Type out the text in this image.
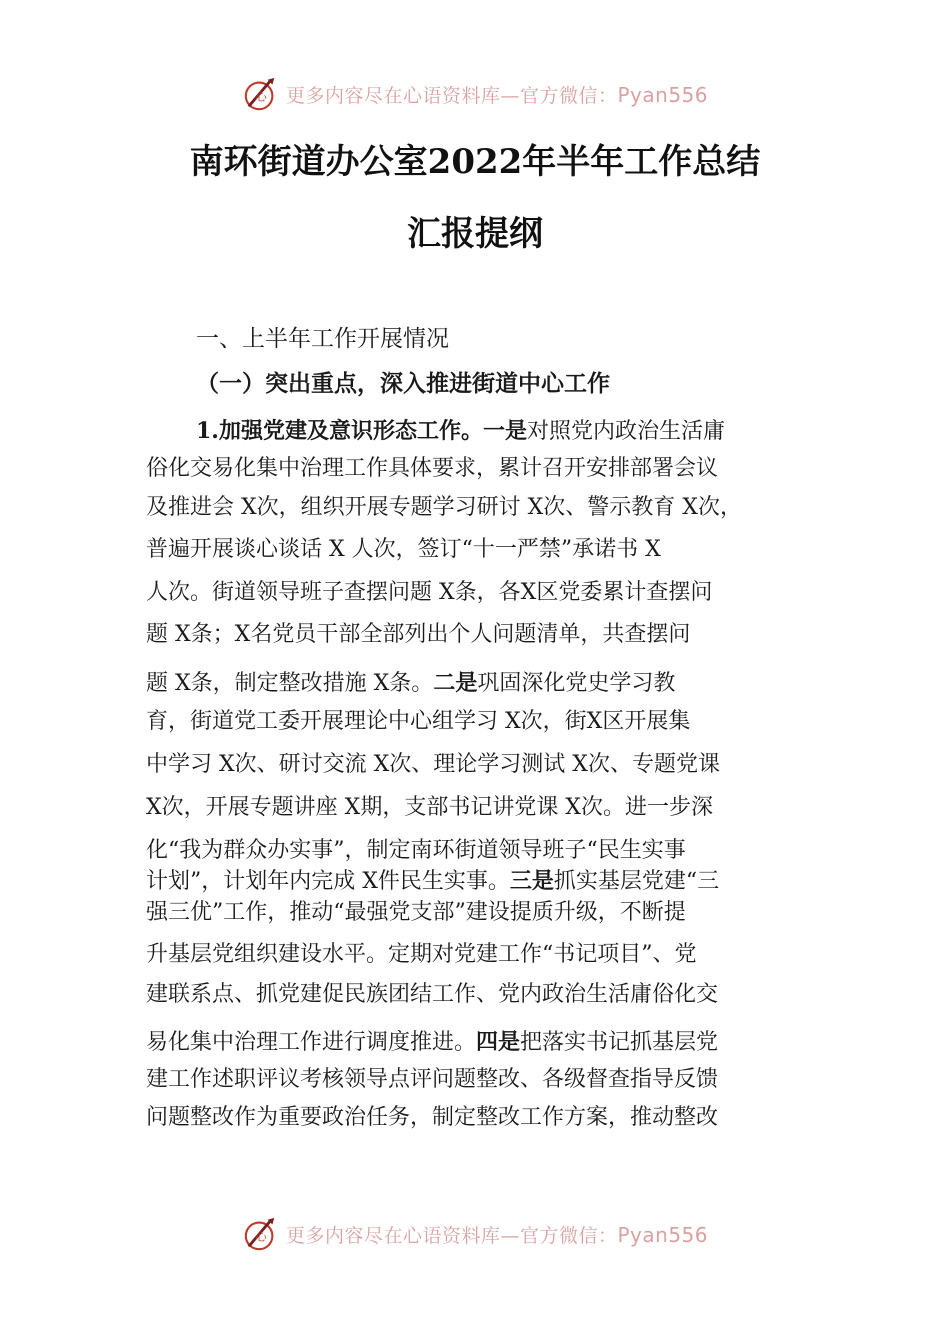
心 更多内容尽在心语资料库—官方微信：Pyan556
南环街道办公室2022年半年工作总结
汇报提纲
一、上半年工作开展情况
（一）突出重点，深入推进街道中心工作
1.加强党建及意识形态工作。一是对照党内政治生活庸
俗化交易化集中治理工作具体要求，累计召开安排部署会议
及推进会 X次，组织开展专题学习研讨 X次、警示教育 X次，
普遍开展谈心谈话 X 人次，签订“十一严禁”承诺书 X
人次。街道领导班子查摆问题 X条，各X区党委累计查摆问
题 X条；X名党员干部全部列出个人问题清单，共查摆问
题 X条，制定整改措施 X条。二是巩固深化党史学习教
育，街道党工委开展理论中心组学习 X次，街X区开展集
中学习 X次、研讨交流 X次、理论学习测试 X次、专题党课
X次，开展专题讲座 X期，支部书记讲党课 X次。进一步深
化“我为群众办实事”，制定南环街道领导班子“民生实事
计划”，计划年内完成 X件民生实事。三是抓实基层党建“三
强三优”工作，推动“最强党支部”建设提质升级，不断提
升基层党组织建设水平。定期对党建工作“书记项目”、党
建联系点、抓党建促民族团结工作、党内政治生活庸俗化交
易化集中治理工作进行调度推进。四是把落实书记抓基层党
建工作述职评议考核领导点评问题整改、各级督查指导反馈
问题整改作为重要政治任务，制定整改工作方案，推动整改
心 更多内容尽在心语资料库—官方微信：Pyan556
